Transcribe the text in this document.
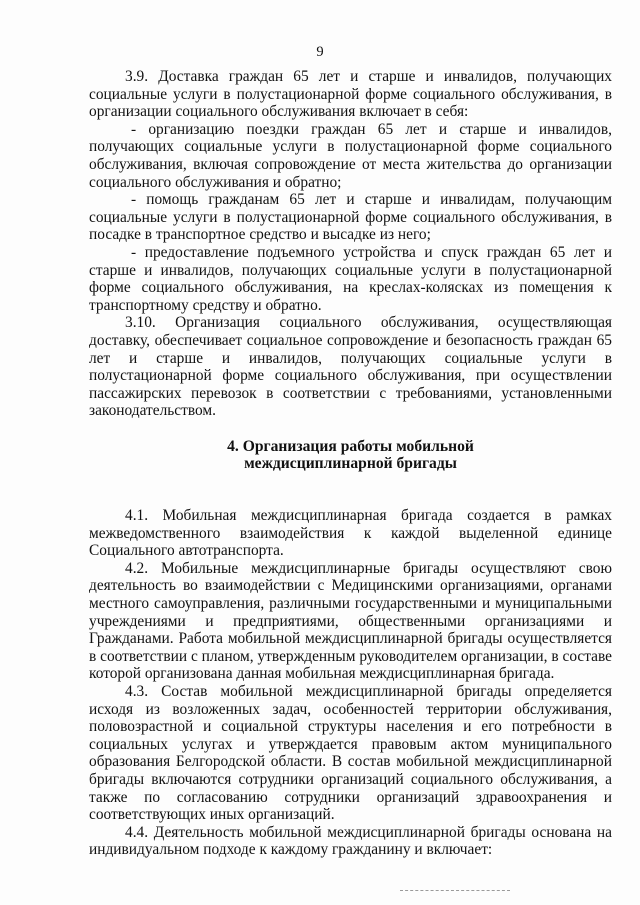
9

3.9. Доставка граждан 65 лет и старше и инвалидов, получающих социальные услуги в полустационарной форме социального обслуживания, в организации социального обслуживания включает в себя:

- организацию поездки граждан 65 лет и старше и инвалидов, получающих социальные услуги в полустационарной форме социального обслуживания, включая сопровождение от места жительства до организации социального обслуживания и обратно;

- помощь гражданам 65 лет и старше и инвалидам, получающим социальные услуги в полустационарной форме социального обслуживания, в посадке в транспортное средство и высадке из него;

- предоставление подъемного устройства и спуск граждан 65 лет и старше и инвалидов, получающих социальные услуги в полустационарной форме социального обслуживания, на креслах-колясках из помещения к транспортному средству и обратно.

3.10. Организация социального обслуживания, осуществляющая доставку, обеспечивает социальное сопровождение и безопасность граждан 65 лет и старше и инвалидов, получающих социальные услуги в полустационарной форме социального обслуживания, при осуществлении пассажирских перевозок в соответствии с требованиями, установленными законодательством.

4. Организация работы мобильной
междисциплинарной бригады

4.1. Мобильная междисциплинарная бригада создается в рамках межведомственного взаимодействия к каждой выделенной единице Социального автотранспорта.

4.2. Мобильные междисциплинарные бригады осуществляют свою деятельность во взаимодействии с Медицинскими организациями, органами местного самоуправления, различными государственными и муниципальными учреждениями и предприятиями, общественными организациями и Гражданами. Работа мобильной междисциплинарной бригады осуществляется в соответствии с планом, утвержденным руководителем организации, в составе которой организована данная мобильная междисциплинарная бригада.

4.3. Состав мобильной междисциплинарной бригады определяется исходя из возложенных задач, особенностей территории обслуживания, половозрастной и социальной структуры населения и его потребности в социальных услугах и утверждается правовым актом муниципального образования Белгородской области. В состав мобильной междисциплинарной бригады включаются сотрудники организаций социального обслуживания, а также по согласованию сотрудники организаций здравоохранения и соответствующих иных организаций.

4.4. Деятельность мобильной междисциплинарной бригады основана на индивидуальном подходе к каждому гражданину и включает:
